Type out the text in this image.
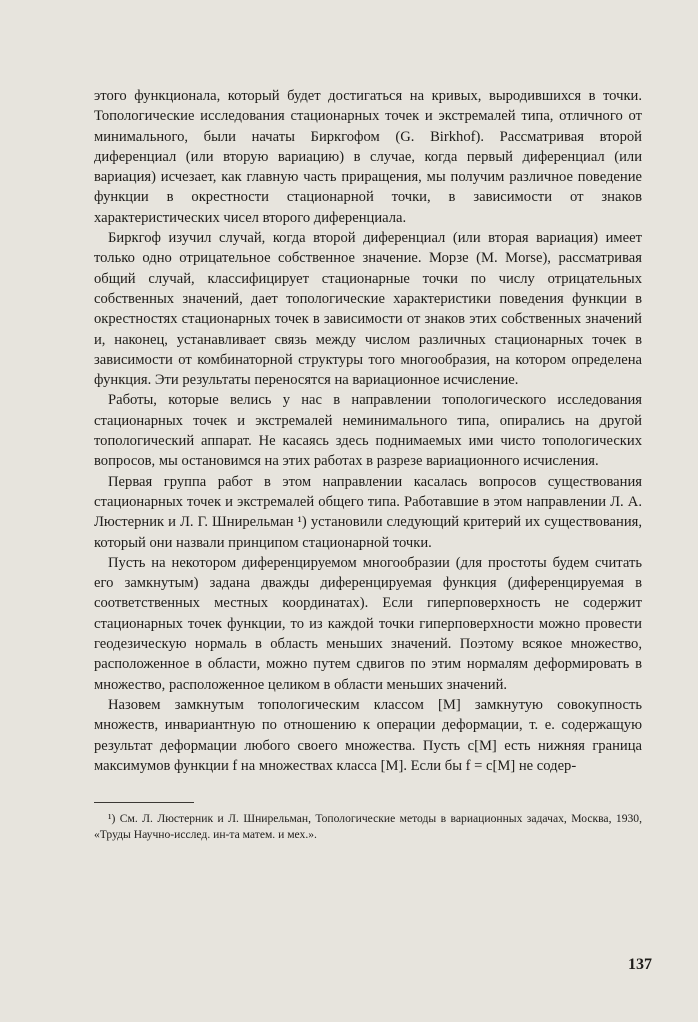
этого функционала, который будет достигаться на кривых, выродившихся в точки. Топологические исследования стационарных точек и экстремалей типа, отличного от минимального, были начаты Биркгофом (G. Birkhof). Рассматривая второй диференциал (или вторую вариацию) в случае, когда первый диференциал (или вариация) исчезает, как главную часть приращения, мы получим различное поведение функции в окрестности стационарной точки, в зависимости от знаков характеристических чисел второго диференциала.

Биркгоф изучил случай, когда второй диференциал (или вторая вариация) имеет только одно отрицательное собственное значение. Морзе (M. Morse), рассматривая общий случай, классифицирует стационарные точки по числу отрицательных собственных значений, дает топологические характеристики поведения функции в окрестностях стационарных точек в зависимости от знаков этих собственных значений и, наконец, устанавливает связь между числом различных стационарных точек в зависимости от комбинаторной структуры того многообразия, на котором определена функция. Эти результаты переносятся на вариационное исчисление.

Работы, которые велись у нас в направлении топологического исследования стационарных точек и экстремалей неминимального типа, опирались на другой топологический аппарат. Не касаясь здесь поднимаемых ими чисто топологических вопросов, мы остановимся на этих работах в разрезе вариационного исчисления.

Первая группа работ в этом направлении касалась вопросов существования стационарных точек и экстремалей общего типа. Работавшие в этом направлении Л. А. Люстерник и Л. Г. Шнирельман ¹) установили следующий критерий их существования, который они назвали принципом стационарной точки.

Пусть на некотором диференцируемом многообразии (для простоты будем считать его замкнутым) задана дважды диференцируемая функция (диференцируемая в соответственных местных координатах). Если гиперповерхность не содержит стационарных точек функции, то из каждой точки гиперповерхности можно провести геодезическую нормаль в область меньших значений. Поэтому всякое множество, расположенное в области, можно путем сдвигов по этим нормалям деформировать в множество, расположенное целиком в области меньших значений.

Назовем замкнутым топологическим классом [M] замкнутую совокупность множеств, инвариантную по отношению к операции деформации, т. е. содержащую результат деформации любого своего множества. Пусть c[M] есть нижняя граница максимумов функции f на множествах класса [M]. Если бы f = c[M] не содер-

¹) См. Л. Люстерник и Л. Шнирельман, Топологические методы в вариационных задачах, Москва, 1930, «Труды Научно-исслед. ин-та матем. и мех.».

137
